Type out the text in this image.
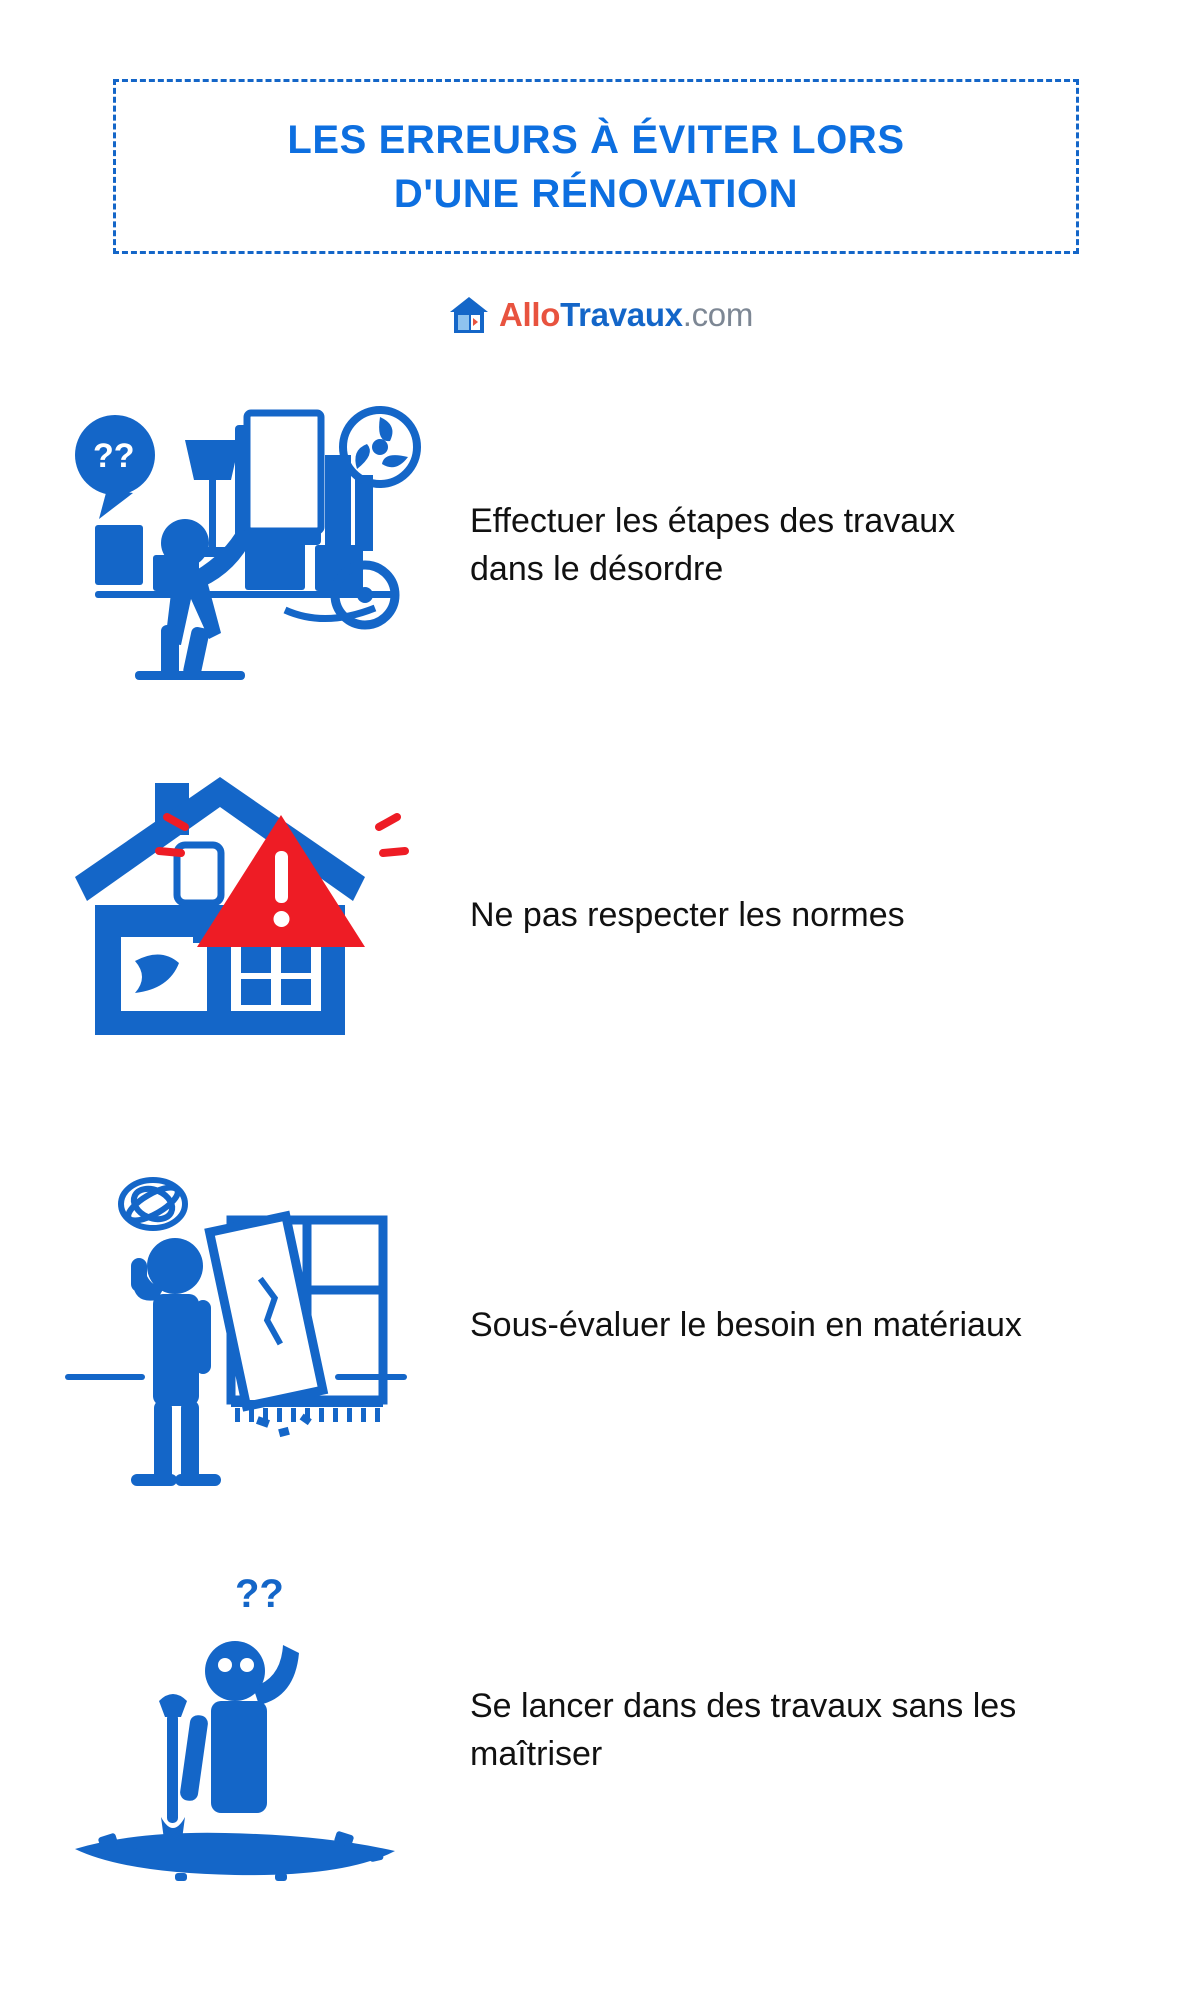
LES ERREURS À ÉVITER LORS
D'UNE RÉNOVATION
AlloTravaux.com
??
Effectuer les étapes des travaux dans le désordre
Ne pas respecter les normes
Sous-évaluer le besoin en matériaux
??
Se lancer dans des travaux sans les maîtriser
